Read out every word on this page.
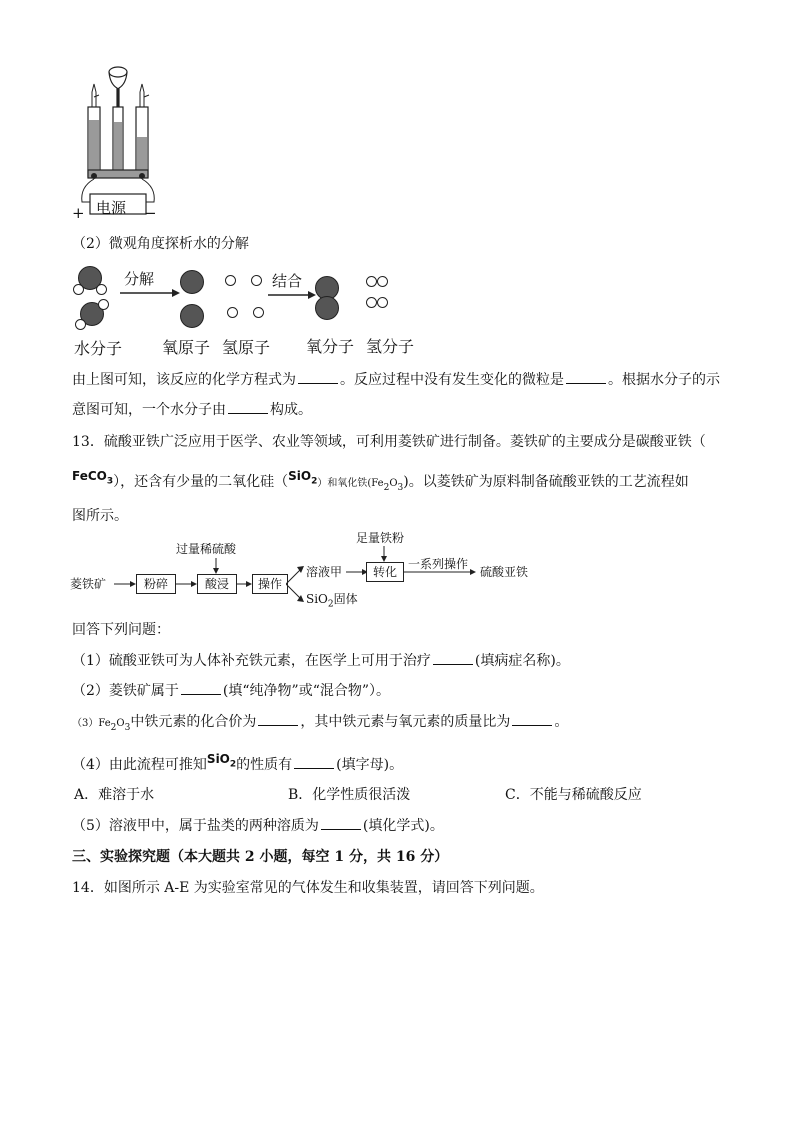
电源
+	−
（2）微观角度探析水的分解
分解	结合
水分子 氧原子 氢原子 氧分子 氢分子
由上图可知，该反应的化学方程式为	。反应过程中没有发生变化的微粒是	。根据水分子的示
意图可知，一个水分子由	构成。
13．硫酸亚铁广泛应用于医学、农业等领域，可利用菱铁矿进行制备。菱铁矿的主要成分是碳酸亚铁（
FeCO$_3$），还含有少量的二氧化硅（SiO$_2$）和氧化铁$(Fe_2O_3)$。以菱铁矿为原料制备硫酸亚铁的工艺流程如
图所示。
菱铁矿	粉碎
过量稀硫酸
酸浸	操作
溶液甲
SiO$_2$固体
足量铁粉
转化
一系列操作
硫酸亚铁
回答下列问题：
（1）硫酸亚铁可为人体补充铁元素，在医学上可用于治疗	(填病症名称)。
（2）菱铁矿属于	(填“纯净物”或“混合物”）。
$(3)Fe_2O_3$中铁元素的化合价为	，其中铁元素与氧元素的质量比为	。
（4）由此流程可推知SiO$_2$的性质有	(填字母)。
A．难溶于水	B．化学性质很活泼	C．不能与稀硫酸反应
（5）溶液甲中，属于盐类的两种溶质为	(填化学式)。
三、实验探究题（本大题共 2 小题，每空 1 分，共 16 分）
14．如图所示 A-E 为实验室常见的气体发生和收集装置，请回答下列问题。
